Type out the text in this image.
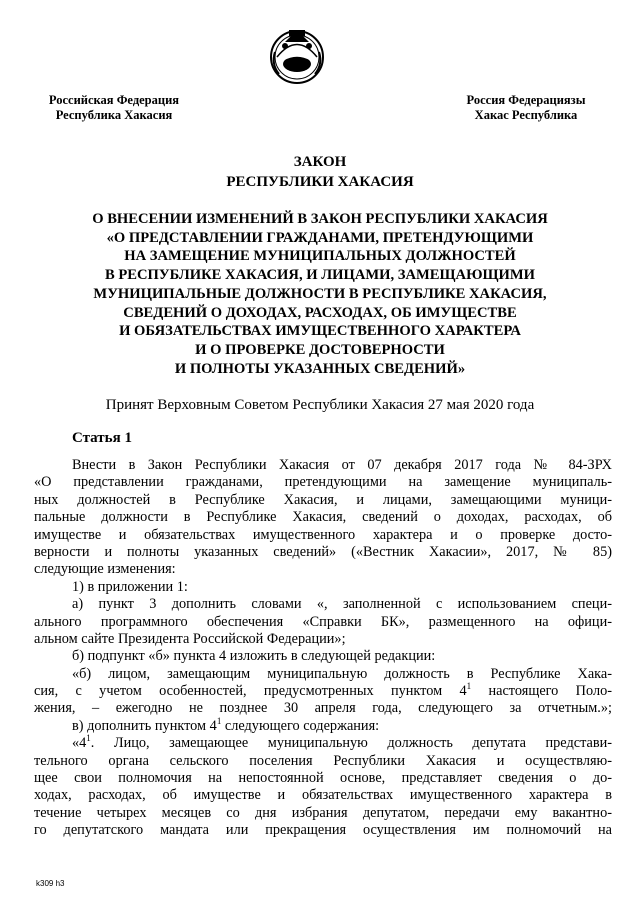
Российская Федерация
Республика Хакасия
Россия Федерациязы
Хакас Республика
ЗАКОН
РЕСПУБЛИКИ ХАКАСИЯ
О ВНЕСЕНИИ ИЗМЕНЕНИЙ В ЗАКОН РЕСПУБЛИКИ ХАКАСИЯ
«О ПРЕДСТАВЛЕНИИ ГРАЖДАНАМИ, ПРЕТЕНДУЮЩИМИ
НА ЗАМЕЩЕНИЕ МУНИЦИПАЛЬНЫХ ДОЛЖНОСТЕЙ
В РЕСПУБЛИКЕ ХАКАСИЯ, И ЛИЦАМИ, ЗАМЕЩАЮЩИМИ
МУНИЦИПАЛЬНЫЕ ДОЛЖНОСТИ В РЕСПУБЛИКЕ ХАКАСИЯ,
СВЕДЕНИЙ О ДОХОДАХ, РАСХОДАХ, ОБ ИМУЩЕСТВЕ
И ОБЯЗАТЕЛЬСТВАХ ИМУЩЕСТВЕННОГО ХАРАКТЕРА
И О ПРОВЕРКЕ ДОСТОВЕРНОСТИ
И ПОЛНОТЫ УКАЗАННЫХ СВЕДЕНИЙ»
Принят Верховным Советом Республики Хакасия 27 мая 2020 года
Статья 1
Внести в Закон Республики Хакасия от 07 декабря 2017 года № 84-ЗРХ
«О представлении гражданами, претендующими на замещение муниципаль-
ных должностей в Республике Хакасия, и лицами, замещающими муници-
пальные должности в Республике Хакасия, сведений о доходах, расходах, об
имуществе и обязательствах имущественного характера и о проверке досто-
верности и полноты указанных сведений» («Вестник Хакасии», 2017, № 85)
следующие изменения:
1) в приложении 1:
а) пункт 3 дополнить словами «, заполненной с использованием специ-
ального программного обеспечения «Справки БК», размещенного на офици-
альном сайте Президента Российской Федерации»;
б) подпункт «б» пункта 4 изложить в следующей редакции:
«б) лицом, замещающим муниципальную должность в Республике Хака-
сия, с учетом особенностей, предусмотренных пунктом $4^1$ настоящего Поло-
жения, – ежегодно не позднее 30 апреля года, следующего за отчетным.»;
в) дополнить пунктом $4^1$ следующего содержания:
«$4^1$. Лицо, замещающее муниципальную должность депутата представи-
тельного органа сельского поселения Республики Хакасия и осуществляю-
щее свои полномочия на непостоянной основе, представляет сведения о до-
ходах, расходах, об имуществе и обязательствах имущественного характера в
течение четырех месяцев со дня избрания депутатом, передачи ему вакантно-
го депутатского мандата или прекращения осуществления им полномочий на
k309 h3
